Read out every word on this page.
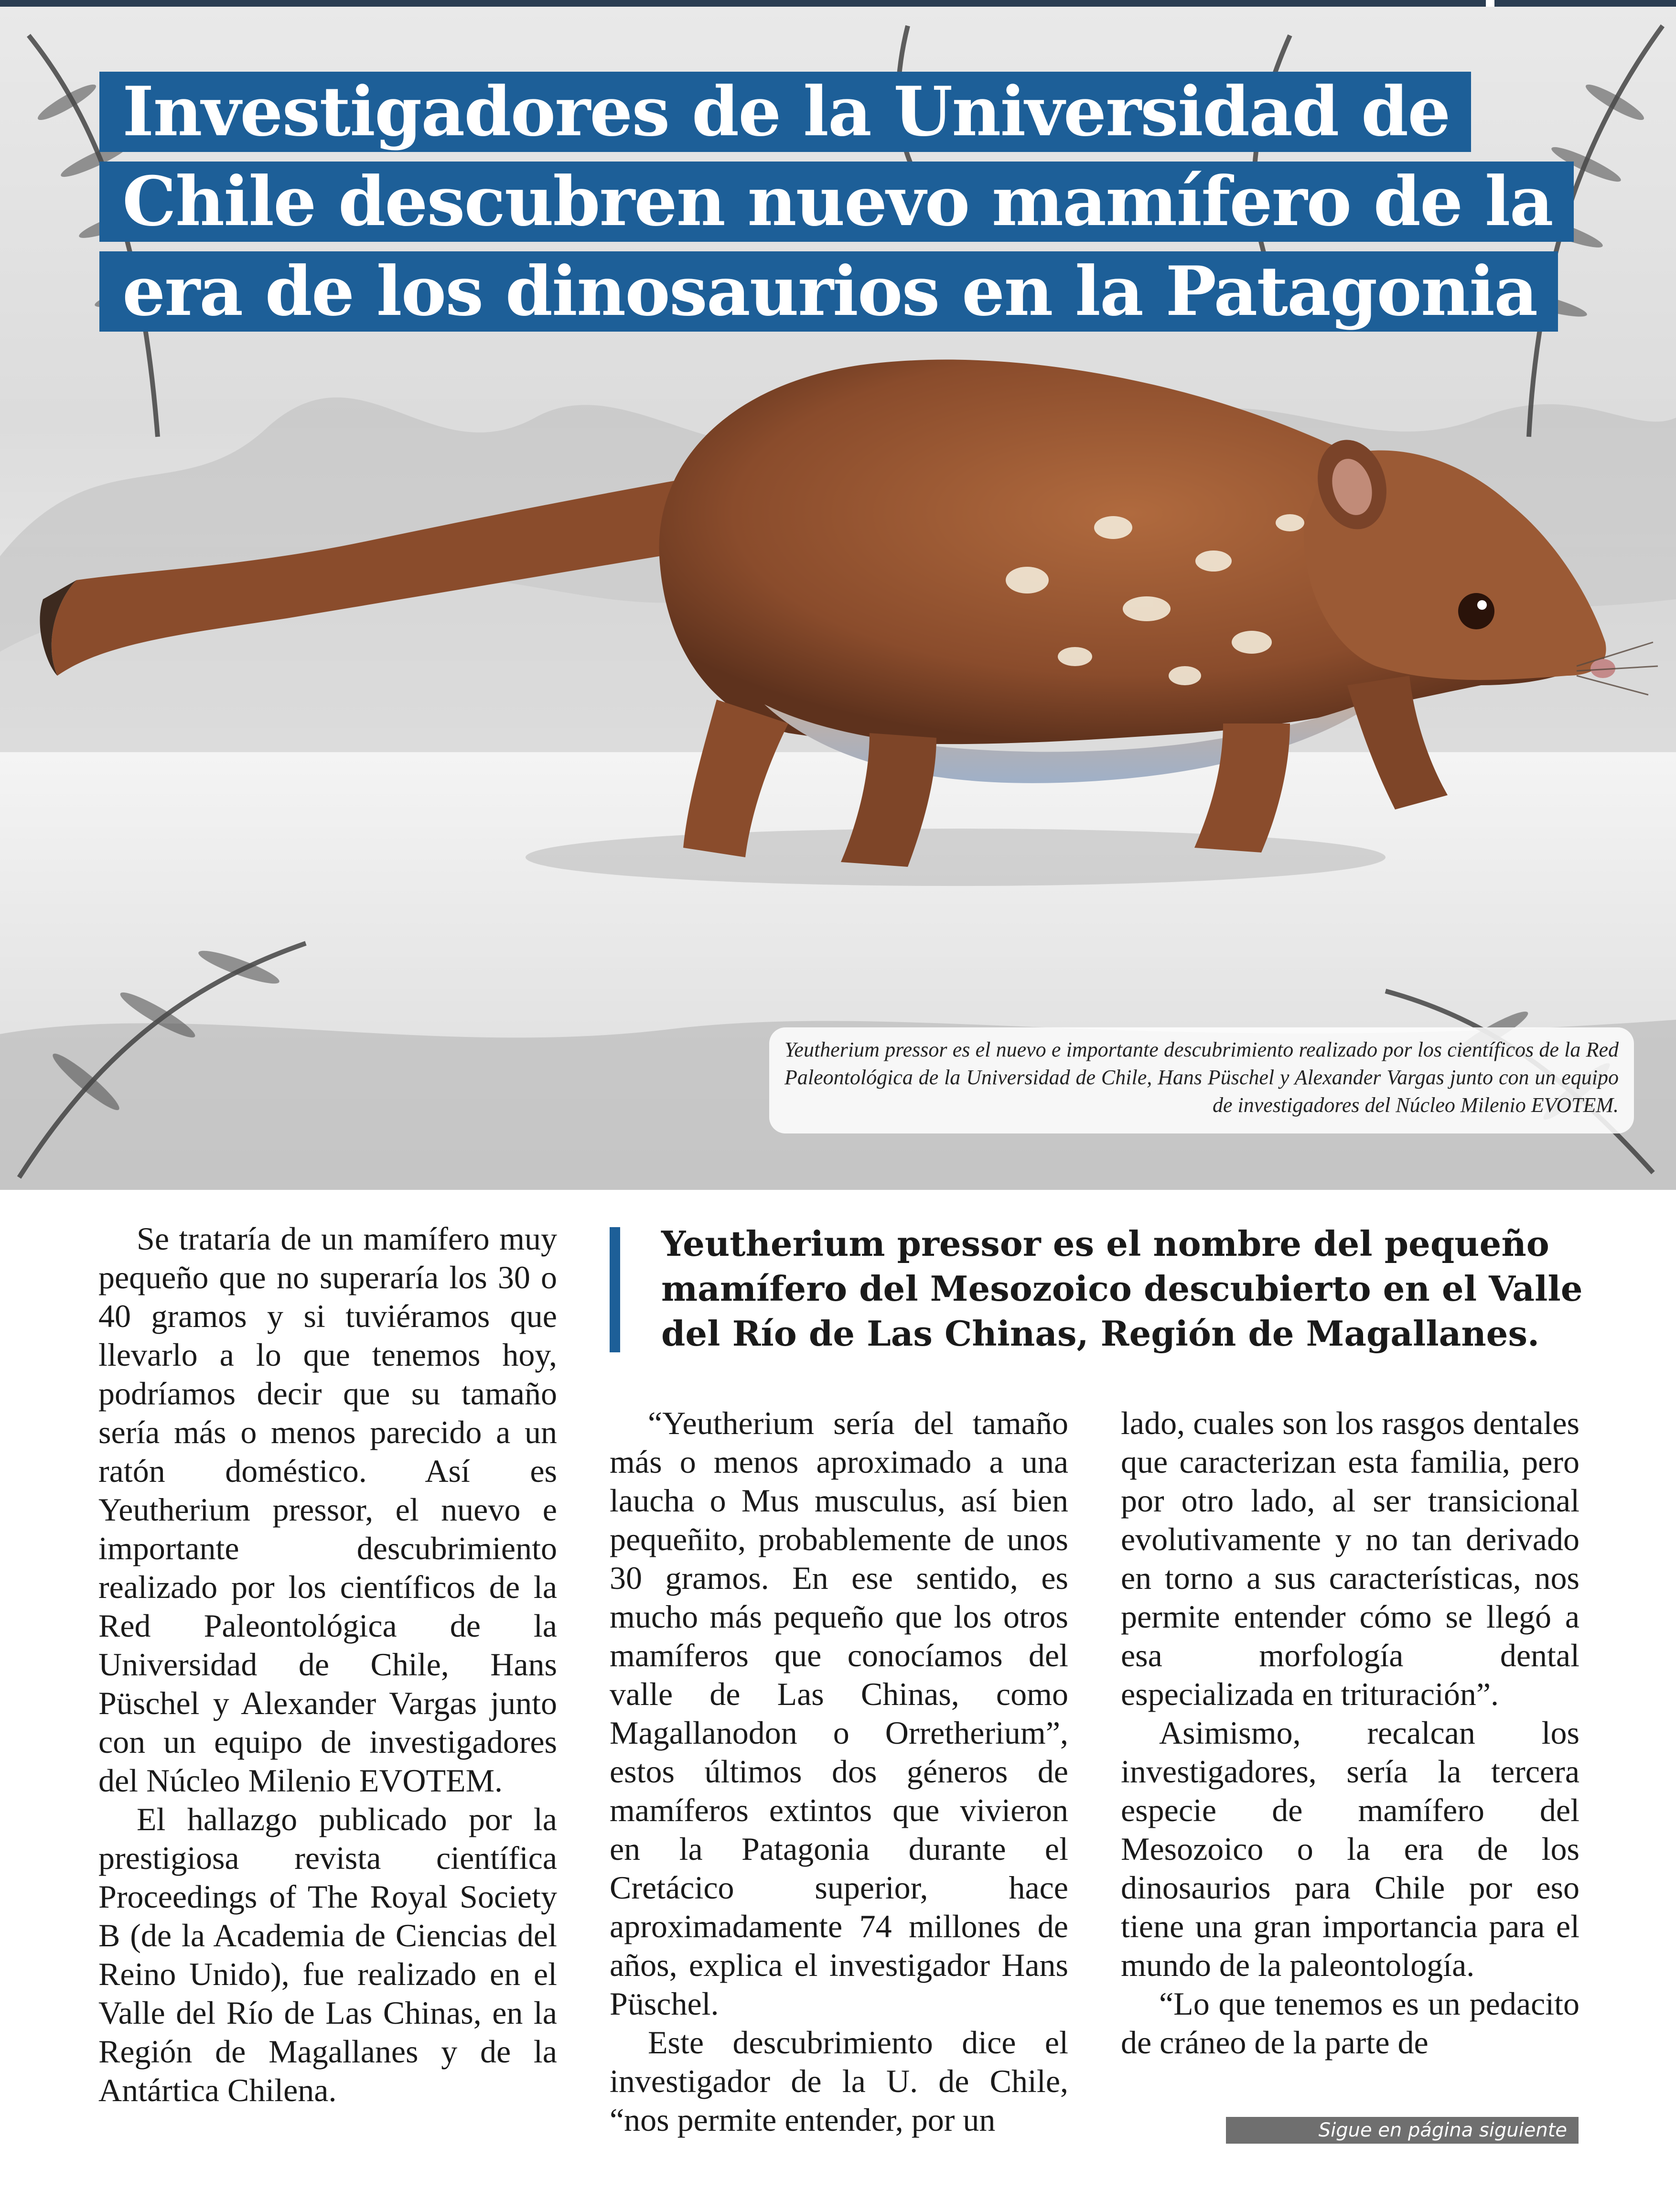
Investigadores de la Universidad de
Chile descubren nuevo mamífero de la
era de los dinosaurios en la Patagonia
Yeutherium pressor es el nuevo e importante descubrimiento realizado por los científicos de la Red Paleontológica de la Universidad de Chile, Hans Püschel y Alexander Vargas junto con un equipo de investigadores del Núcleo Milenio EVOTEM.

Se trataría de un mamífero muy pequeño que no superaría los 30 o 40 gramos y si tuviéramos que llevarlo a lo que tenemos hoy, podríamos decir que su tamaño sería más o menos parecido a un ratón doméstico. Así es Yeutherium pressor, el nuevo e importante descubrimiento realizado por los científicos de la Red Paleontológica de la Universidad de Chile, Hans Püschel y Alexander Vargas junto con un equipo de investigadores del Núcleo Milenio EVOTEM.

El hallazgo publicado por la prestigiosa revista científica Proceedings of The Royal Society B (de la Academia de Ciencias del Reino Unido), fue realizado en el Valle del Río de Las Chinas, en la Región de Magallanes y de la Antártica Chilena.

Yeutherium pressor es el nombre del pequeño mamífero del Mesozoico descubierto en el Valle del Río de Las Chinas, Región de Magallanes.

“Yeutherium sería del tamaño más o menos aproximado a una laucha o Mus musculus, así bien pequeñito, probablemente de unos 30 gramos. En ese sentido, es mucho más pequeño que los otros mamíferos que conocíamos del valle de Las Chinas, como Magallanodon o Orretherium”, estos últimos dos géneros de mamíferos extintos que vivieron en la Patagonia durante el Cretácico superior, hace aproximadamente 74 millones de años, explica el investigador Hans Püschel.

Este descubrimiento dice el investigador de la U. de Chile, “nos permite entender, por un

lado, cuales son los rasgos dentales que caracterizan esta familia, pero por otro lado, al ser transicional evolutivamente y no tan derivado en torno a sus características, nos permite entender cómo se llegó a esa morfología dental especializada en trituración”.

Asimismo, recalcan los investigadores, sería la tercera especie de mamífero del Mesozoico o la era de los dinosaurios para Chile por eso tiene una gran importancia para el mundo de la paleontología.

“Lo que tenemos es un pedacito de cráneo de la parte de

Sigue en página siguiente
